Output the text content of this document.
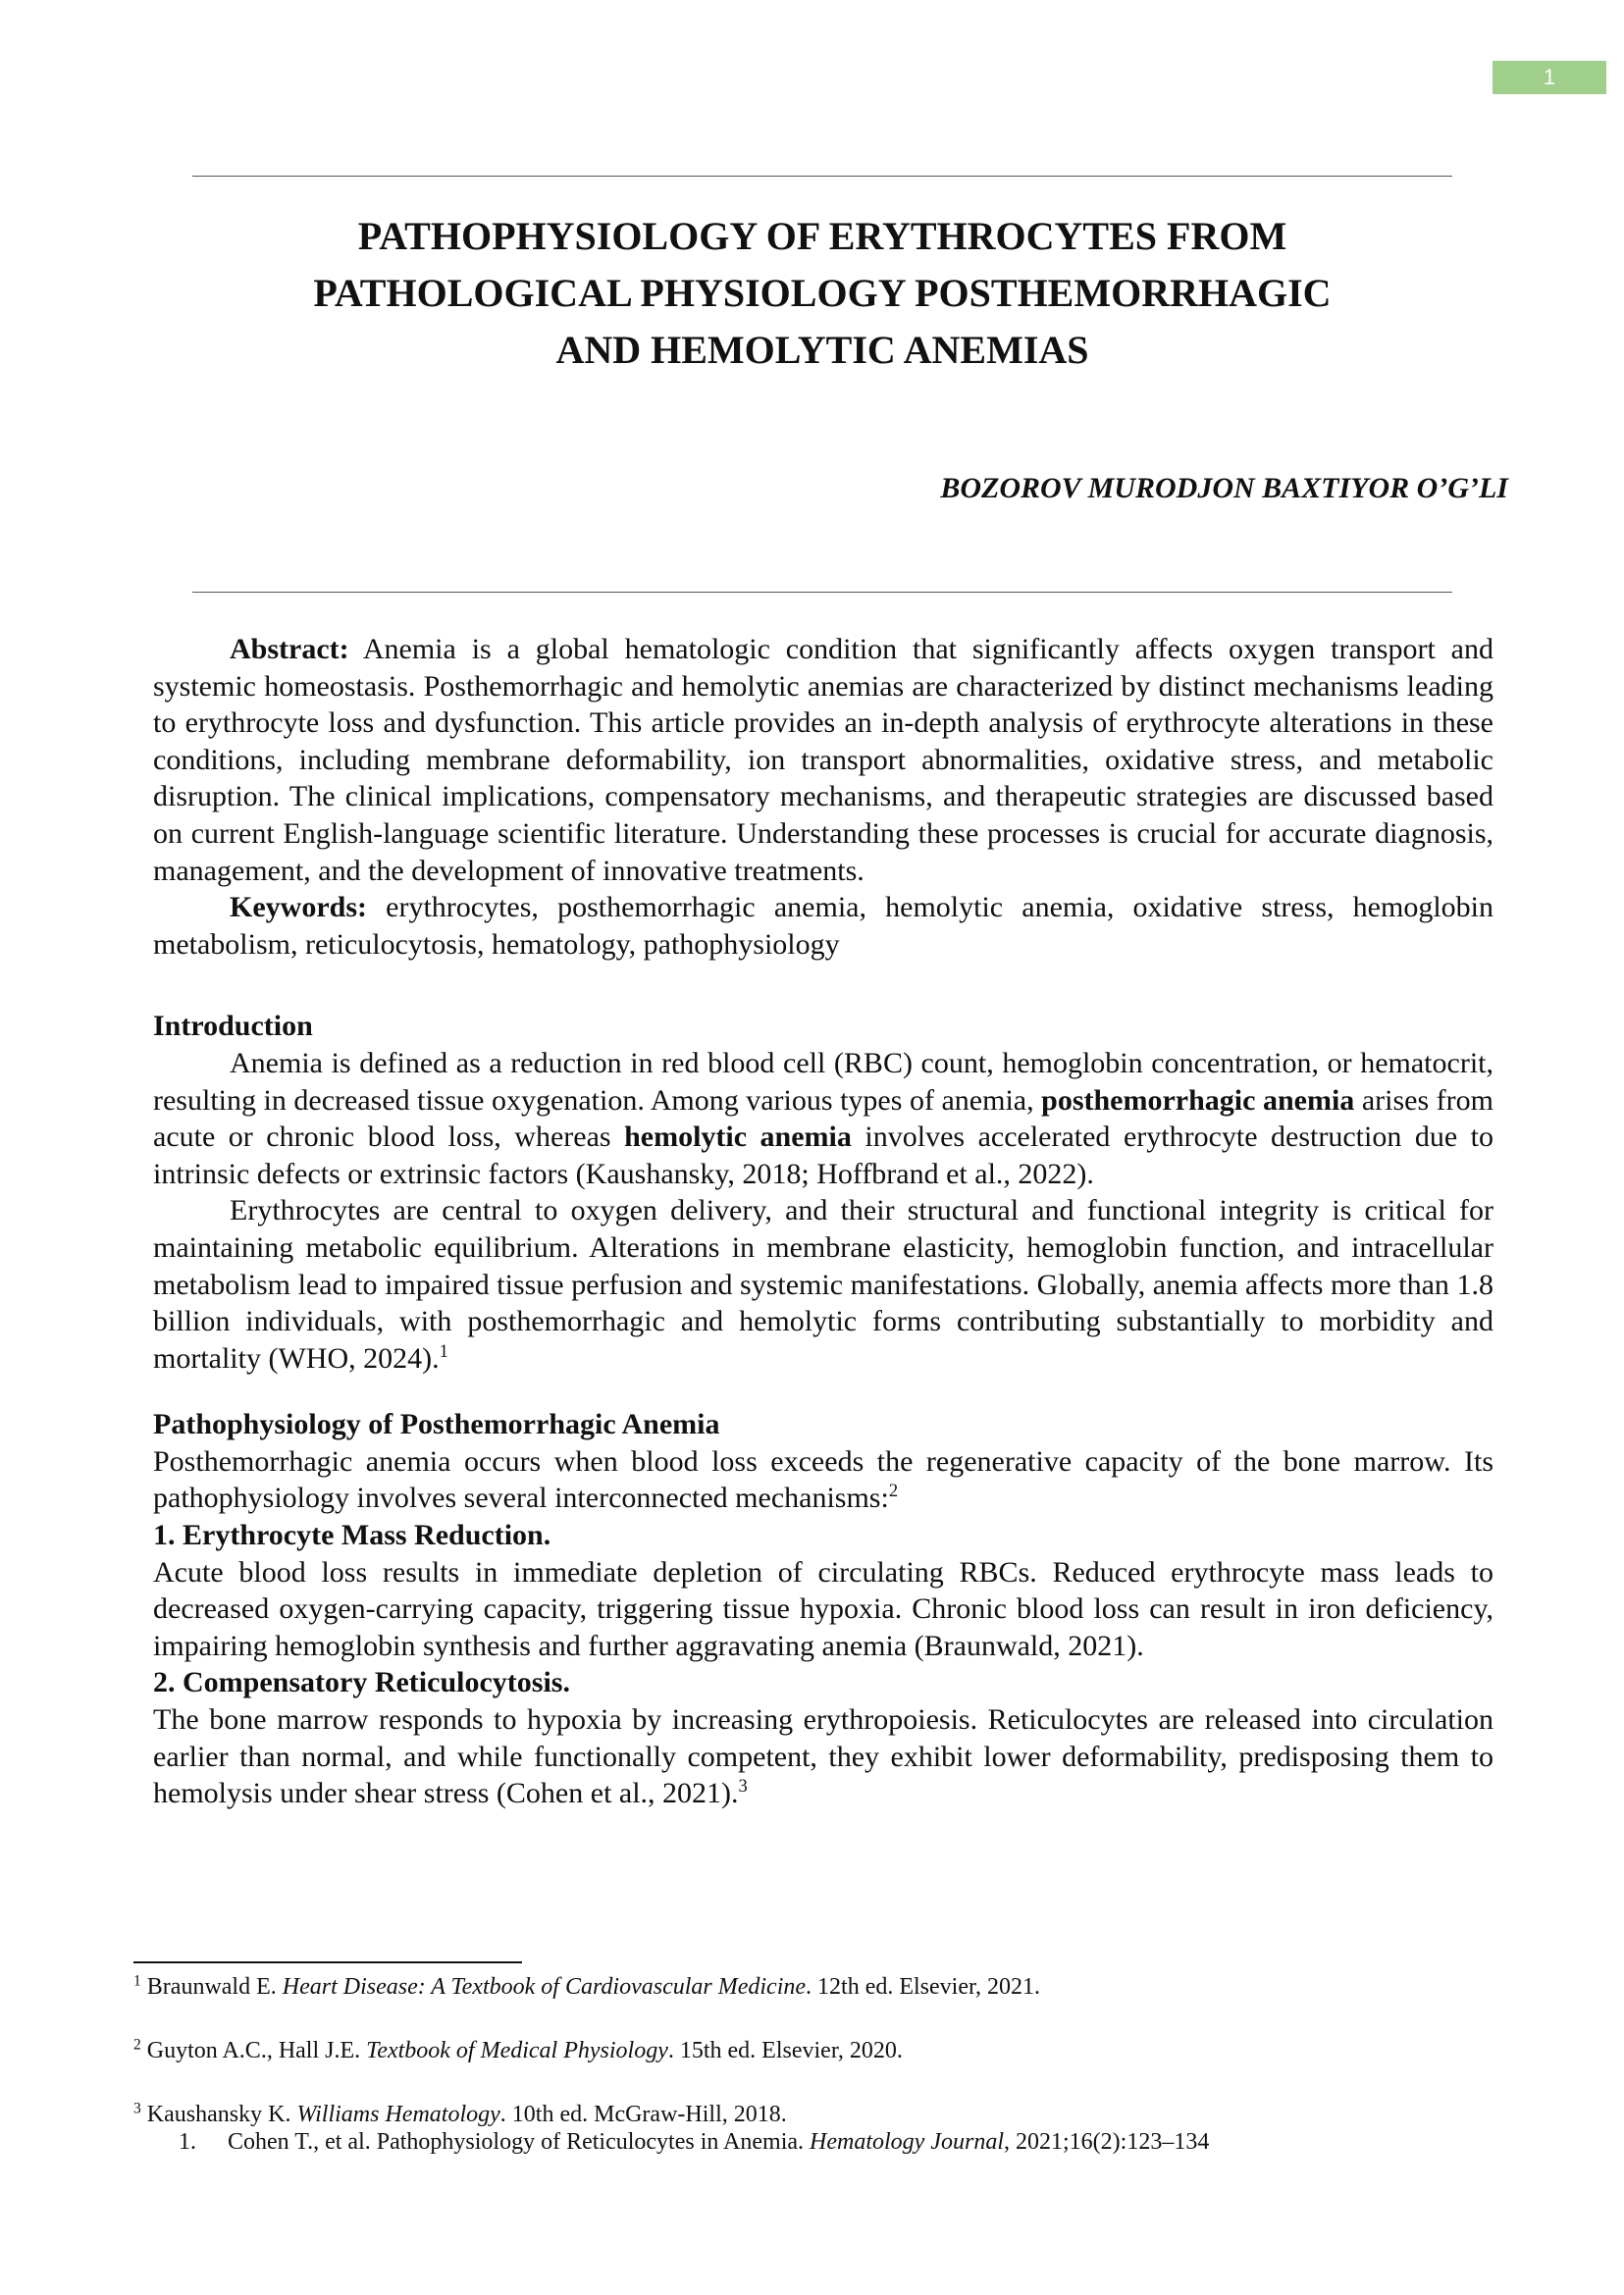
1
PATHOPHYSIOLOGY OF ERYTHROCYTES FROM
PATHOLOGICAL PHYSIOLOGY POSTHEMORRHAGIC
AND HEMOLYTIC ANEMIAS
BOZOROV MURODJON BAXTIYOR O’G’LI

Abstract: Anemia is a global hematologic condition that significantly affects oxygen transport and systemic homeostasis. Posthemorrhagic and hemolytic anemias are characterized by distinct mechanisms leading to erythrocyte loss and dysfunction. This article provides an in-depth analysis of erythrocyte alterations in these conditions, including membrane deformability, ion transport abnormalities, oxidative stress, and metabolic disruption. The clinical implications, compensatory mechanisms, and therapeutic strategies are discussed based on current English-language scientific literature. Understanding these processes is crucial for accurate diagnosis, management, and the development of innovative treatments.

Keywords: erythrocytes, posthemorrhagic anemia, hemolytic anemia, oxidative stress, hemoglobin metabolism, reticulocytosis, hematology, pathophysiology

Introduction

Anemia is defined as a reduction in red blood cell (RBC) count, hemoglobin concentration, or hematocrit, resulting in decreased tissue oxygenation. Among various types of anemia, posthemorrhagic anemia arises from acute or chronic blood loss, whereas hemolytic anemia involves accelerated erythrocyte destruction due to intrinsic defects or extrinsic factors (Kaushansky, 2018; Hoffbrand et al., 2022).

Erythrocytes are central to oxygen delivery, and their structural and functional integrity is critical for maintaining metabolic equilibrium. Alterations in membrane elasticity, hemoglobin function, and intracellular metabolism lead to impaired tissue perfusion and systemic manifestations. Globally, anemia affects more than 1.8 billion individuals, with posthemorrhagic and hemolytic forms contributing substantially to morbidity and mortality (WHO, 2024).$^1$

Pathophysiology of Posthemorrhagic Anemia

Posthemorrhagic anemia occurs when blood loss exceeds the regenerative capacity of the bone marrow. Its pathophysiology involves several interconnected mechanisms:$^2$

1. Erythrocyte Mass Reduction.

Acute blood loss results in immediate depletion of circulating RBCs. Reduced erythrocyte mass leads to decreased oxygen-carrying capacity, triggering tissue hypoxia. Chronic blood loss can result in iron deficiency, impairing hemoglobin synthesis and further aggravating anemia (Braunwald, 2021).

2. Compensatory Reticulocytosis.

The bone marrow responds to hypoxia by increasing erythropoiesis. Reticulocytes are released into circulation earlier than normal, and while functionally competent, they exhibit lower deformability, predisposing them to hemolysis under shear stress (Cohen et al., 2021).$^3$

$^1$ Braunwald E. Heart Disease: A Textbook of Cardiovascular Medicine. 12th ed. Elsevier, 2021.

$^2$ Guyton A.C., Hall J.E. Textbook of Medical Physiology. 15th ed. Elsevier, 2020.

$^3$ Kaushansky K. Williams Hematology. 10th ed. McGraw-Hill, 2018.

1. Cohen T., et al. Pathophysiology of Reticulocytes in Anemia. Hematology Journal, 2021;16(2):123–134
